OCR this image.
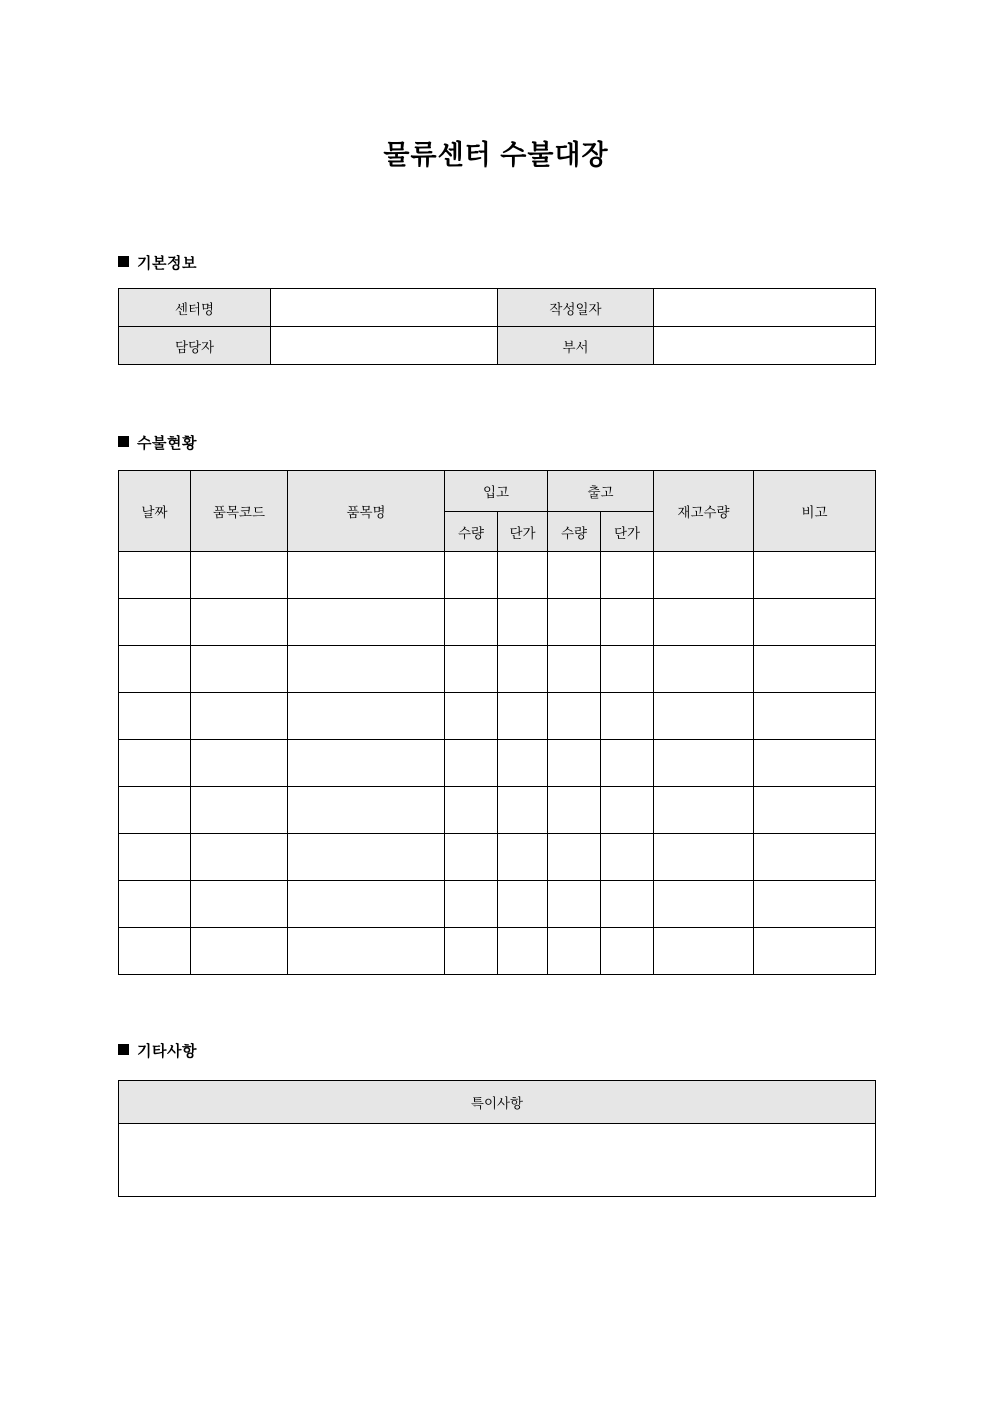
물류센터 수불대장
기본정보
센터명		작성일자	
담당자		부서	
수불현황
날짜	품목코드	품목명	입고		출고		재고수량	비고
			수량	단가	수량	단가		

기타사항
특이사항
